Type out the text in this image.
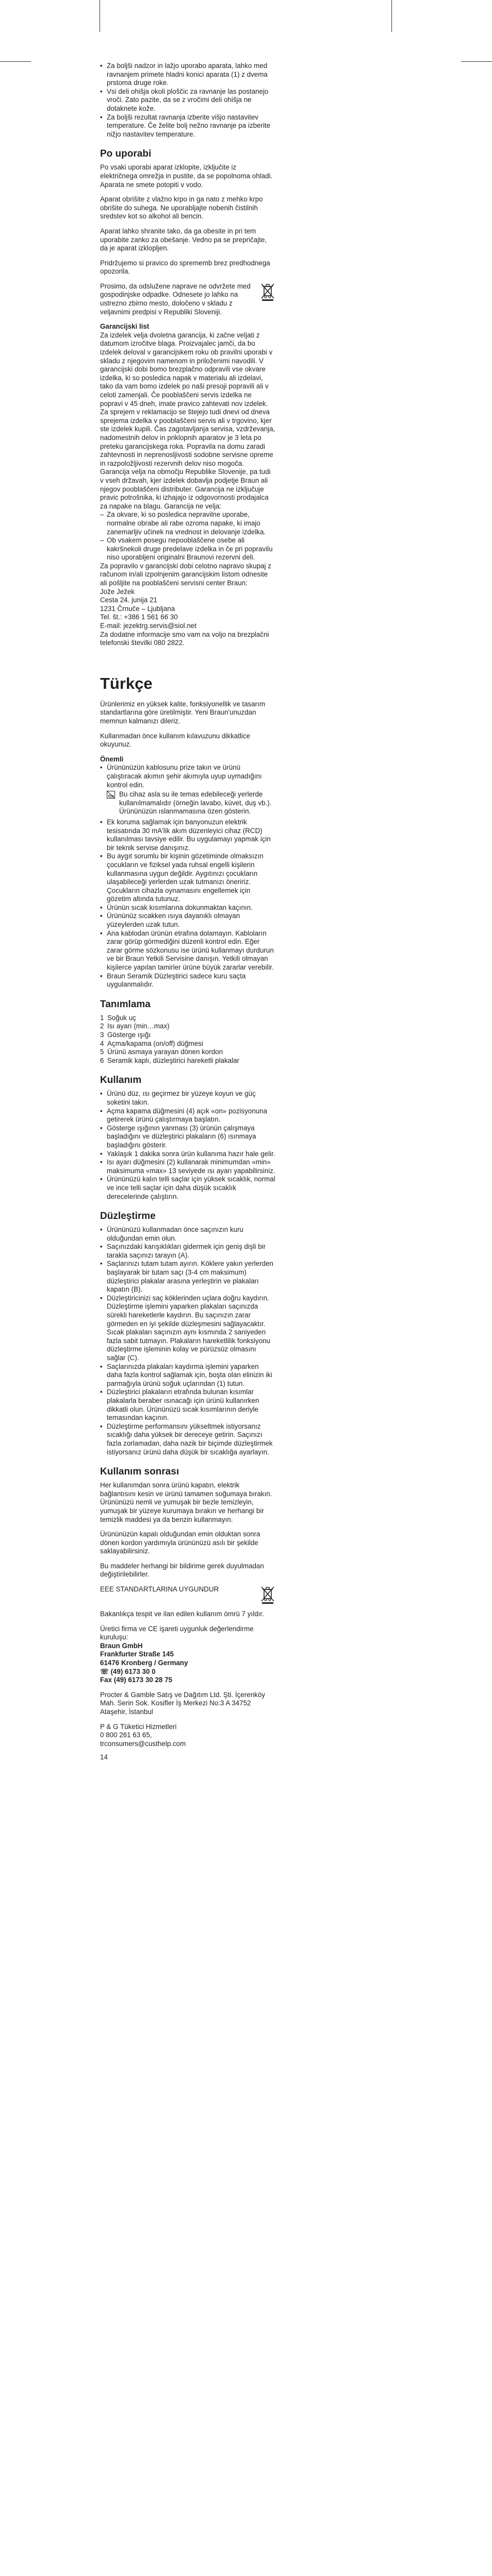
• Za boljši nadzor in lažjo uporabo aparata, lahko med ravnanjem primete hladni konici aparata (1) z dvema prstoma druge roke.
• Vsi deli ohišja okoli ploščic za ravnanje las postanejo vroči. Zato pazite, da se z vročimi deli ohišja ne dotaknete kože.
• Za boljši rezultat ravnanja izberite višjo nastavitev temperature. Če želite bolj nežno ravnanje pa izberite nižjo nastavitev temperature.
Po uporabi

Po vsaki uporabi aparat izklopite, izključite iz električnega omrežja in pustite, da se popolnoma ohladi. Aparata ne smete potopiti v vodo.

Aparat obrišite z vlažno krpo in ga nato z mehko krpo obrišite do suhega. Ne uporabljajte nobenih čistilnih sredstev kot so alkohol ali bencin.

Aparat lahko shranite tako, da ga obesite in pri tem uporabite zanko za obešanje. Vedno pa se prepričajte, da je aparat izklopljen.

Pridržujemo si pravico do sprememb brez predhodnega opozorila.

Prosimo, da odslužene naprave ne odvržete med gospodinjske odpadke. Odnesete jo lahko na ustrezno zbirno mesto, določeno v skladu z veljavnimi predpisi v Republiki Sloveniji.
Garancijski list

Za izdelek velja dvoletna garancija, ki začne veljati z datumom izročitve blaga. Proizvajalec jamči, da bo izdelek deloval v garancijskem roku ob pravilni uporabi v skladu z njegovim namenom in priloženimi navodili. V garancijski dobi bomo brezplačno odpravili vse okvare izdelka, ki so posledica napak v materialu ali izdelavi, tako da vam bomo izdelek po naši presoji popravili ali v celoti zamenjali. Če pooblaščeni servis izdelka ne popravi v 45 dneh, imate pravico zahtevati nov izdelek. Za sprejem v reklamacijo se štejejo tudi dnevi od dneva sprejema izdelka v pooblaščeni servis ali v trgovino, kjer ste izdelek kupili. Čas zagotavljanja servisa, vzdrževanja, nadomestnih delov in priklopnih aparatov je 3 leta po preteku garancijskega roka. Popravila na domu zaradi zahtevnosti in neprenosljivosti sodobne servisne opreme in razpoložljivosti rezervnih delov niso mogoča. Garancija velja na območju Republike Slovenije, pa tudi v vseh državah, kjer izdelek dobavlja podjetje Braun ali njegov pooblaščeni distributer. Garancija ne izključuje pravic potrošnika, ki izhajajo iz odgovornosti prodajalca za napake na blagu. Garancija ne velja:

– Za okvare, ki so posledica nepravilne uporabe, normalne obrabe ali rabe ozroma napake, ki imajo zanemarljiv učinek na vrednost in delovanje izdelka.
– Ob vsakem posegu nepooblaščene osebe ali kakršnekoli druge predelave izdelka in če pri popravilu niso uporabljeni originalni Braunovi rezervni deli.

Za popravilo v garancijski dobi celotno napravo skupaj z računom in/ali izpolnjenim garancijskim listom odnesite ali pošljite na pooblaščeni servisni center Braun:

Jože Ježek

Cesta 24. junija 21

1231 Črnuče – Ljubljana

Tel. št.: +386 1 561 66 30

E-mail: jezektrg.servis@siol.net

Za dodatne informacije smo vam na voljo na brezplačni telefonski številki 080 2822.

Türkçe

Ürünlerimiz en yüksek kalite, fonksiyonellik ve tasarım standartlarına göre üretilmiştir. Yeni Braun'unuzdan memnun kalmanızı dileriz.

Kullanmadan önce kullanım kılavuzunu dikkatlice okuyunuz.

Önemli
• Ürününüzün kablosunu prize takın ve ürünü çalıştıracak akımın şehir akımıyla uyup uymadığını kontrol edin.
Bu cihaz asla su ile temas edebileceği yerlerde kullanılmamalıdır (örneğin lavabo, küvet, duş vb.). Ürününüzün ıslanmamasına özen gösterin.
• Ek koruma sağlamak için banyonuzun elektrik tesisatında 30 mA'lik akım düzenleyici cihaz (RCD) kullanılması tavsiye edilir. Bu uygulamayı yapmak için bir teknik servise danışınız.
• Bu aygıt sorumlu bir kişinin gözetiminde olmaksızın çocukların ve fiziksel yada ruhsal engelli kişilerin kullanmasına uygun değildir. Aygıtınızı çocukların ulaşabileceği yerlerden uzak tutmanızı öneririz. Çocukların cihazla oynamasını engellemek için gözetim altında tutunuz.
• Ürünün sıcak kısımlarına dokunmaktan kaçının.
• Ürününüz sıcakken ısıya dayanıklı olmayan yüzeylerden uzak tutun.
• Ana kablodan ürünün etrafına dolamayın. Kabloların zarar görüp görmediğini düzenli kontrol edin. Eğer zarar görme sözkonusu ise ürünü kullanmayı durdurun ve bir Braun Yetkili Servisine danışın. Yetkili olmayan kişilerce yapılan tamirler ürüne büyük zararlar verebilir.
• Braun Seramik Düzleştirici sadece kuru saçta uygulanmalıdır.
Tanımlama
1 Soğuk uç
2 Isı ayarı (min…max)
3 Gösterge ışığı
4 Açma/kapama (on/off) düğmesi
5 Ürünü asmaya yarayan dönen kordon
6 Seramik kaplı, düzleştirici hareketli plakalar
Kullanım
• Ürünü düz, ısı geçirmez bir yüzeye koyun ve güç soketini takın.
• Açma kapama düğmesini (4) açık «on» pozisyonuna getirerek ürünü çalıştırmaya başlatın.
• Gösterge ışığının yanması (3) ürünün çalışmaya başladığını ve düzleştirici plakaların (6) ısınmaya başladığını gösterir.
• Yaklaşık 1 dakika sonra ürün kullanıma hazır hale gelir.
• Isı ayarı düğmesini (2) kullanarak minimumdan «min» maksimuma «max» 13 seviyede ısı ayarı yapabilirsiniz.
• Ürününüzü kalın telli saçlar için yüksek sıcaklık, normal ve ince telli saçlar için daha düşük sıcaklık derecelerinde çalıştırın.
Düzleştirme
• Ürününüzü kullanmadan önce saçınızın kuru olduğundan emin olun.
• Saçınızdaki karışıklıkları gidermek için geniş dişli bir tarakla saçınızı tarayın (A).
• Saçlarınızı tutam tutam ayırın. Köklere yakın yerlerden başlayarak bir tutam saçı (3-4 cm maksimum) düzleştirici plakalar arasına yerleştirin ve plakaları kapatın (B).
• Düzleştiricinizi saç köklerinden uçlara doğru kaydırın. Düzleştirme işlemini yaparken plakaları saçınızda sürekli hareketlerle kaydırın. Bu saçınızın zarar görmeden en iyi şekilde düzleşmesini sağlayacaktır. Sıcak plakaları saçınızın aynı kısmında 2 saniyeden fazla sabit tutmayın. Plakaların hareketlilik fonksiyonu düzleştirme işleminin kolay ve pürüzsüz olmasını sağlar (C).
• Saçlarınızda plakaları kaydırma işlemini yaparken daha fazla kontrol sağlamak için, boşta olan elinizin iki parmağıyla ürünü soğuk uçlarından (1) tutun.
• Düzleştirici plakaların etrafında bulunan kısımlar plakalarla beraber ısınacağı için ürünü kullanırken dikkatli olun. Ürününüzü sıcak kısımlarının deriyle temasından kaçının.
• Düzleştirme performansını yükseltmek istiyorsanız sıcaklığı daha yüksek bir dereceye getirin. Saçınızı fazla zorlamadan, daha nazik bir biçimde düzleştirmek istiyorsanız ürünü daha düşük bir sıcaklığa ayarlayın.
Kullanım sonrası

Her kullanımdan sonra ürünü kapatın, elektrik bağlantısını kesin ve ürünü tamamen soğumaya bırakın. Ürününüzü nemli ve yumuşak bir bezle temizleyin, yumuşak bir yüzeye kurumaya bırakın ve herhangi bir temizlik maddesi ya da benzin kullanmayın.

Ürününüzün kapalı olduğundan emin olduktan sonra dönen kordon yardımıyla ürününüzü asılı bir şekilde saklayabilirsiniz.

Bu maddeler herhangi bir bildirime gerek duyulmadan değiştirilebilirler.

EEE STANDARTLARINA UYGUNDUR

Bakanlıkça tespit ve ilan edilen kullanım ömrü 7 yıldır.

Üretici firma ve CE işareti uygunluk değerlendirme kuruluşu:

Braun GmbH

Frankfurter Straße 145

61476 Kronberg / Germany

☏ (49) 6173 30 0

Fax (49) 6173 30 28 75

Procter & Gamble Satış ve Dağıtım Ltd. Şti. İçerenköy Mah. Serin Sok. Kosifler İş Merkezi No:3 A 34752 Ataşehir, İstanbul

P & G Tüketici Hizmetleri

0 800 261 63 65,

trconsumers@custhelp.com

14
